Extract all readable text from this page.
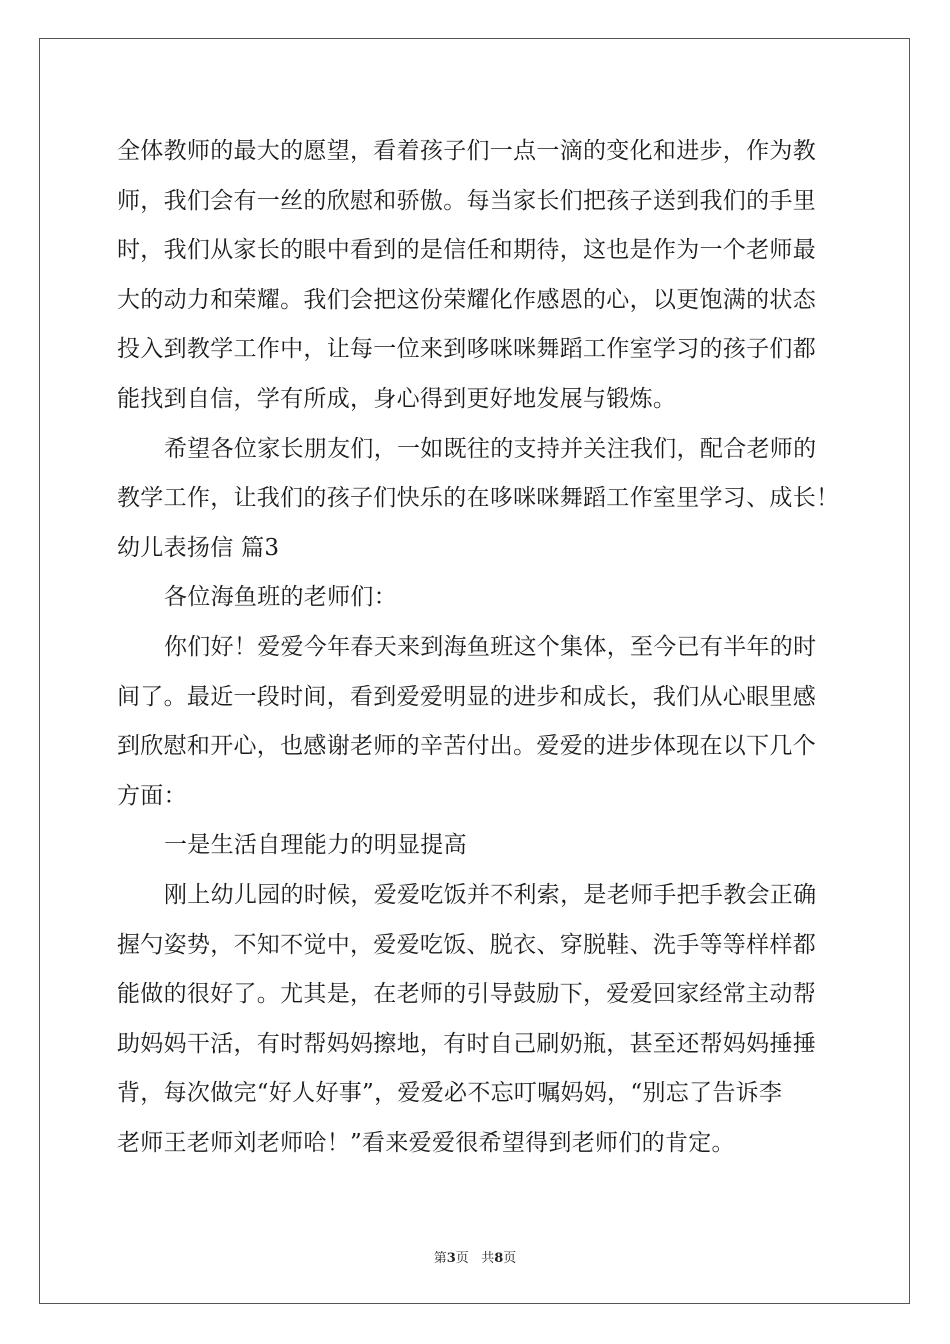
全体教师的最大的愿望，看着孩子们一点一滴的变化和进步，作为教
师，我们会有一丝的欣慰和骄傲。每当家长们把孩子送到我们的手里
时，我们从家长的眼中看到的是信任和期待，这也是作为一个老师最
大的动力和荣耀。我们会把这份荣耀化作感恩的心，以更饱满的状态
投入到教学工作中，让每一位来到哆咪咪舞蹈工作室学习的孩子们都
能找到自信，学有所成，身心得到更好地发展与锻炼。
希望各位家长朋友们，一如既往的支持并关注我们，配合老师的
教学工作，让我们的孩子们快乐的在哆咪咪舞蹈工作室里学习、成长！
幼儿表扬信 篇3
各位海鱼班的老师们：
你们好！爱爱今年春天来到海鱼班这个集体，至今已有半年的时
间了。最近一段时间，看到爱爱明显的进步和成长，我们从心眼里感
到欣慰和开心，也感谢老师的辛苦付出。爱爱的进步体现在以下几个
方面：
一是生活自理能力的明显提高
刚上幼儿园的时候，爱爱吃饭并不利索，是老师手把手教会正确
握勺姿势，不知不觉中，爱爱吃饭、脱衣、穿脱鞋、洗手等等样样都
能做的很好了。尤其是，在老师的引导鼓励下，爱爱回家经常主动帮
助妈妈干活，有时帮妈妈擦地，有时自己刷奶瓶，甚至还帮妈妈捶捶
背，每次做完“好人好事”，爱爱必不忘叮嘱妈妈，“别忘了告诉李
老师王老师刘老师哈！”看来爱爱很希望得到老师们的肯定。
第3页 共8页
